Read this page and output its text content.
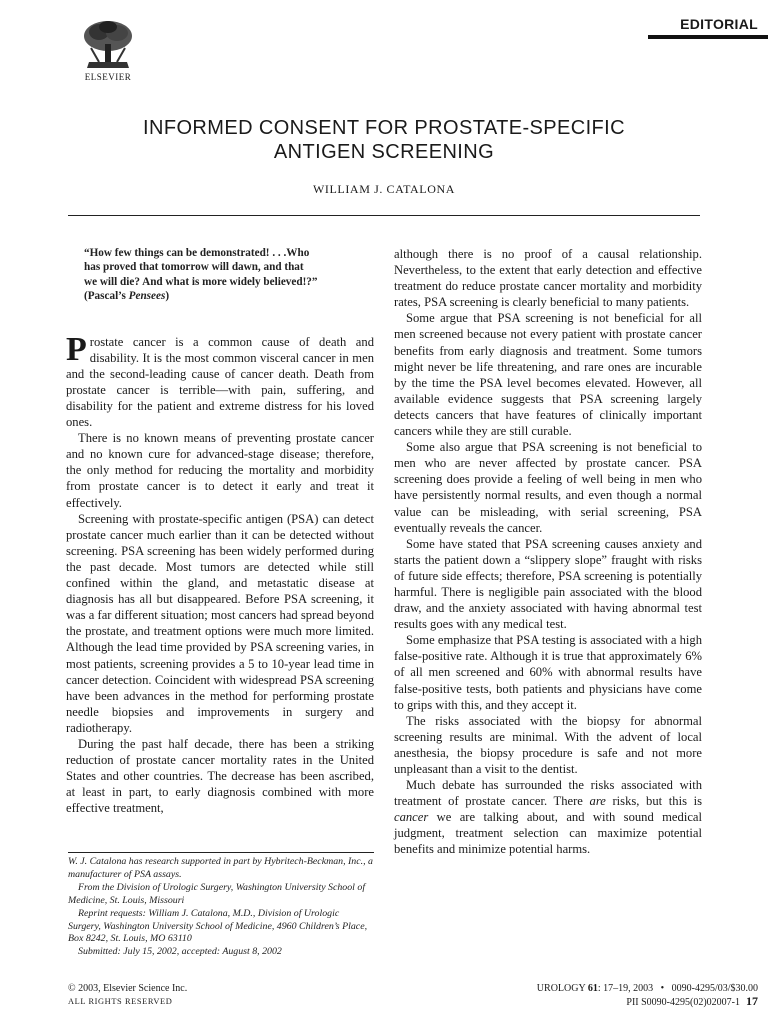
EDITORIAL
ELSEVIER
INFORMED CONSENT FOR PROSTATE-SPECIFIC
ANTIGEN SCREENING
WILLIAM J. CATALONA
“How few things can be demonstrated! . . .Who
has proved that tomorrow will dawn, and that
we will die? And what is more widely believed!?”
(Pascal’s Pensees)

Prostate cancer is a common cause of death and disability. It is the most common visceral cancer in men and the second-leading cause of cancer death. Death from prostate cancer is terrible—with pain, suffering, and disability for the patient and extreme distress for his loved ones.

There is no known means of preventing prostate cancer and no known cure for advanced-stage disease; therefore, the only method for reducing the mortality and morbidity from prostate cancer is to detect it early and treat it effectively.

Screening with prostate-specific antigen (PSA) can detect prostate cancer much earlier than it can be detected without screening. PSA screening has been widely performed during the past decade. Most tumors are detected while still confined within the gland, and metastatic disease at diagnosis has all but disappeared. Before PSA screening, it was a far different situation; most cancers had spread beyond the prostate, and treatment options were much more limited. Although the lead time provided by PSA screening varies, in most patients, screening provides a 5 to 10-year lead time in cancer detection. Coincident with widespread PSA screening have been advances in the method for performing prostate needle biopsies and improvements in surgery and radiotherapy.

During the past half decade, there has been a striking reduction of prostate cancer mortality rates in the United States and other countries. The decrease has been ascribed, at least in part, to early diagnosis combined with more effective treatment,

although there is no proof of a causal relationship. Nevertheless, to the extent that early detection and effective treatment do reduce prostate cancer mortality and morbidity rates, PSA screening is clearly beneficial to many patients.

Some argue that PSA screening is not beneficial for all men screened because not every patient with prostate cancer benefits from early diagnosis and treatment. Some tumors might never be life threatening, and rare ones are incurable by the time the PSA level becomes elevated. However, all available evidence suggests that PSA screening largely detects cancers that have features of clinically important cancers while they are still curable.

Some also argue that PSA screening is not beneficial to men who are never affected by prostate cancer. PSA screening does provide a feeling of well being in men who have persistently normal results, and even though a normal value can be misleading, with serial screening, PSA eventually reveals the cancer.

Some have stated that PSA screening causes anxiety and starts the patient down a “slippery slope” fraught with risks of future side effects; therefore, PSA screening is potentially harmful. There is negligible pain associated with the blood draw, and the anxiety associated with having abnormal test results goes with any medical test.

Some emphasize that PSA testing is associated with a high false-positive rate. Although it is true that approximately 6% of all men screened and 60% with abnormal results have false-positive tests, both patients and physicians have come to grips with this, and they accept it.

The risks associated with the biopsy for abnormal screening results are minimal. With the advent of local anesthesia, the biopsy procedure is safe and not more unpleasant than a visit to the dentist.

Much debate has surrounded the risks associated with treatment of prostate cancer. There are risks, but this is cancer we are talking about, and with sound medical judgment, treatment selection can maximize potential benefits and minimize potential harms.

W. J. Catalona has research supported in part by Hybritech-Beckman, Inc., a manufacturer of PSA assays.

From the Division of Urologic Surgery, Washington University School of Medicine, St. Louis, Missouri

Reprint requests: William J. Catalona, M.D., Division of Urologic Surgery, Washington University School of Medicine, 4960 Children’s Place, Box 8242, St. Louis, MO 63110

Submitted: July 15, 2002, accepted: August 8, 2002

© 2003, Elsevier Science Inc.
ALL RIGHTS RESERVED
UROLOGY 61: 17–19, 2003 • 0090-4295/03/$30.00
PII S0090-4295(02)02007-1 17
